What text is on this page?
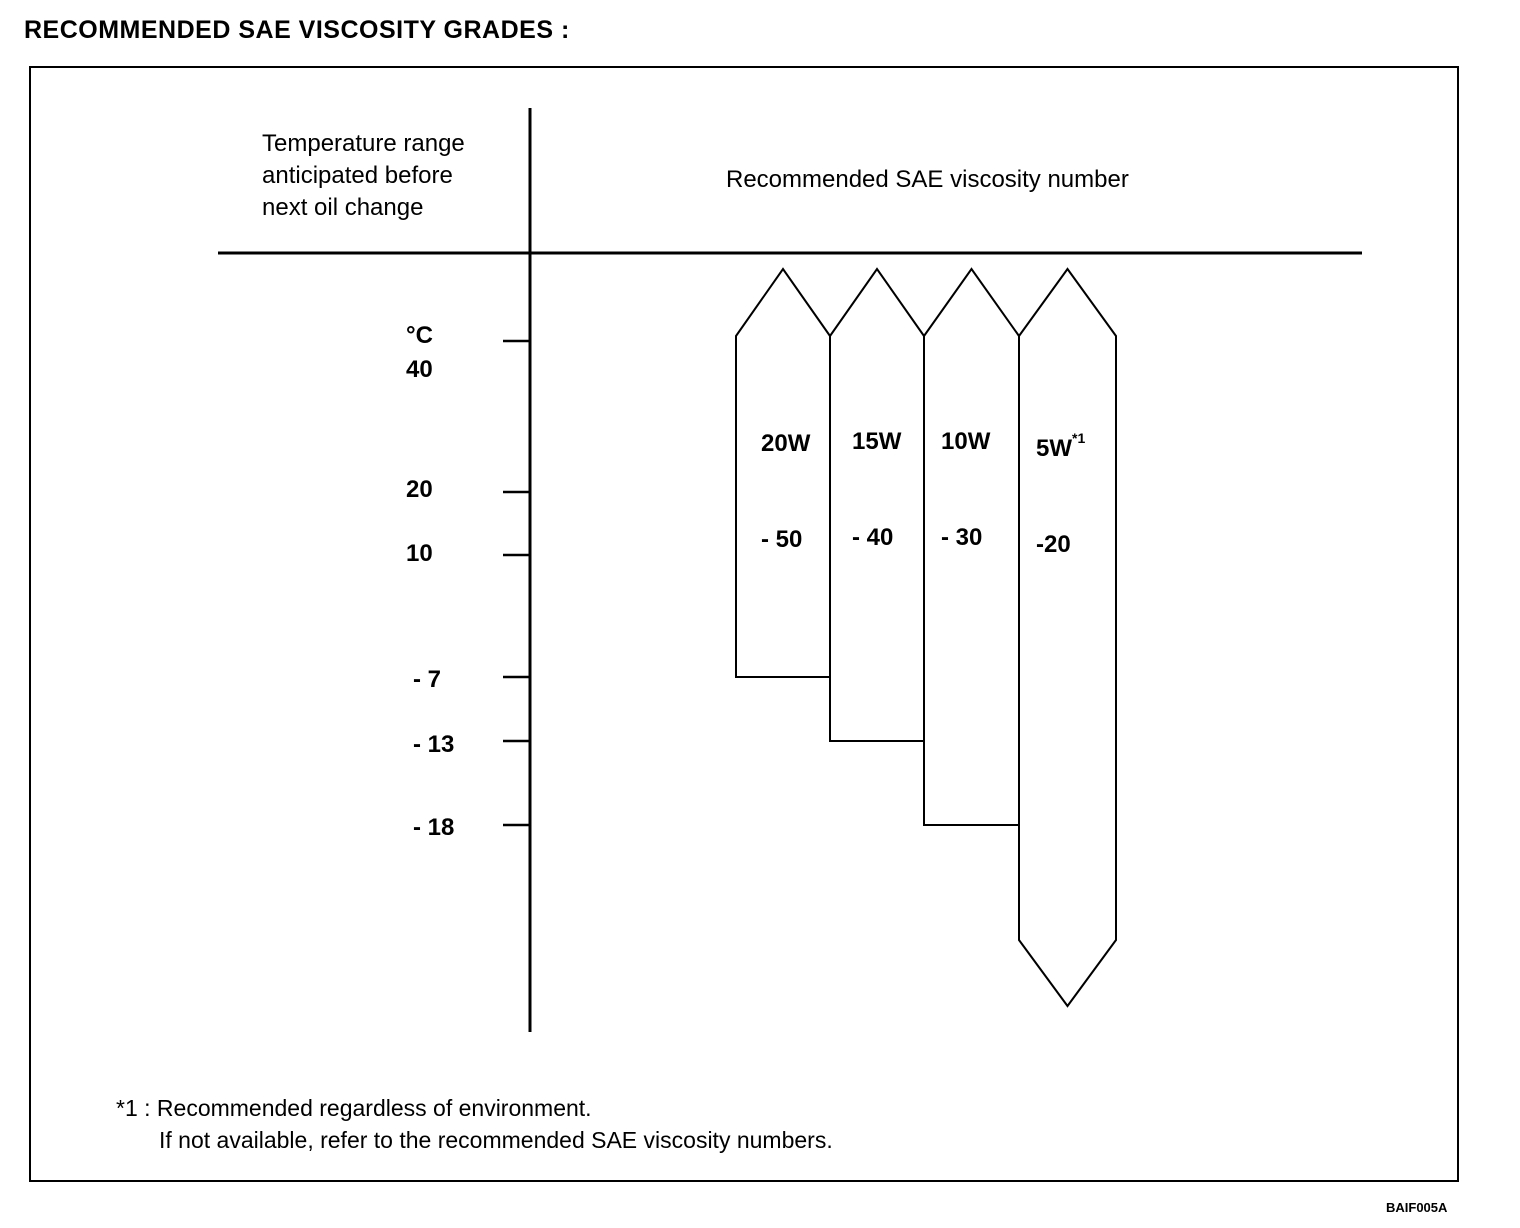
RECOMMENDED SAE VISCOSITY GRADES :
Temperature range
anticipated before
next oil change
Recommended SAE viscosity number
°C
40
20
10
- 7
- 13
- 18

20W

- 50

15W

- 40

10W

- 30

$5W^{*1}$

-20

*1 : Recommended regardless of environment.
If not available, refer to the recommended SAE viscosity numbers.
BAIF005A
